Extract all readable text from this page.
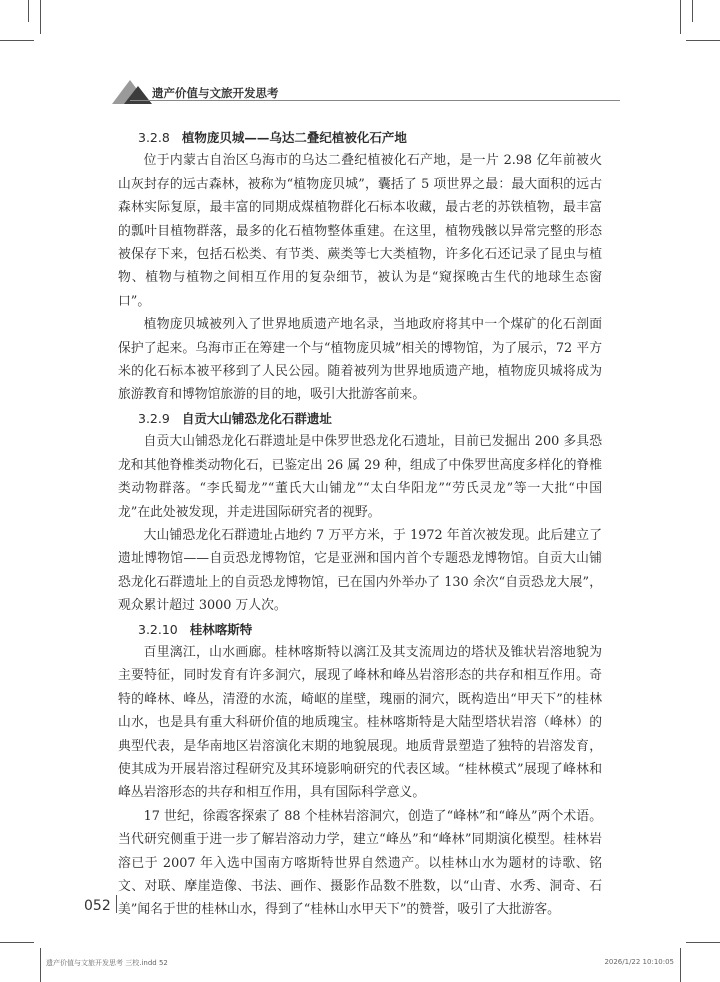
遗产价值与文旅开发思考
3.2.8 植物庞贝城——乌达二叠纪植被化石产地

位于内蒙古自治区乌海市的乌达二叠纪植被化石产地，是一片 2.98 亿年前被火山灰封存的远古森林，被称为“植物庞贝城”，囊括了 5 项世界之最：最大面积的远古森林实际复原，最丰富的同期成煤植物群化石标本收藏，最古老的苏铁植物，最丰富的瓢叶目植物群落，最多的化石植物整体重建。在这里，植物残骸以异常完整的形态被保存下来，包括石松类、有节类、蕨类等七大类植物，许多化石还记录了昆虫与植物、植物与植物之间相互作用的复杂细节，被认为是“窥探晚古生代的地球生态窗口”。

植物庞贝城被列入了世界地质遗产地名录，当地政府将其中一个煤矿的化石剖面保护了起来。乌海市正在筹建一个与“植物庞贝城”相关的博物馆，为了展示，72 平方米的化石标本被平移到了人民公园。随着被列为世界地质遗产地，植物庞贝城将成为旅游教育和博物馆旅游的目的地，吸引大批游客前来。

3.2.9 自贡大山铺恐龙化石群遗址

自贡大山铺恐龙化石群遗址是中侏罗世恐龙化石遗址，目前已发掘出 200 多具恐龙和其他脊椎类动物化石，已鉴定出 26 属 29 种，组成了中侏罗世高度多样化的脊椎类动物群落。“李氏蜀龙”“董氏大山铺龙”“太白华阳龙”“劳氏灵龙”等一大批“中国龙”在此处被发现，并走进国际研究者的视野。

大山铺恐龙化石群遗址占地约 7 万平方米，于 1972 年首次被发现。此后建立了遗址博物馆——自贡恐龙博物馆，它是亚洲和国内首个专题恐龙博物馆。自贡大山铺恐龙化石群遗址上的自贡恐龙博物馆，已在国内外举办了 130 余次“自贡恐龙大展”，观众累计超过 3000 万人次。

3.2.10 桂林喀斯特

百里漓江，山水画廊。桂林喀斯特以漓江及其支流周边的塔状及锥状岩溶地貌为主要特征，同时发育有许多洞穴，展现了峰林和峰丛岩溶形态的共存和相互作用。奇特的峰林、峰丛，清澄的水流，崎岖的崖壁，瑰丽的洞穴，既构造出“甲天下”的桂林山水，也是具有重大科研价值的地质瑰宝。桂林喀斯特是大陆型塔状岩溶（峰林）的典型代表，是华南地区岩溶演化末期的地貌展现。地质背景塑造了独特的岩溶发育，使其成为开展岩溶过程研究及其环境影响研究的代表区域。“桂林模式”展现了峰林和峰丛岩溶形态的共存和相互作用，具有国际科学意义。

17 世纪，徐霞客探索了 88 个桂林岩溶洞穴，创造了“峰林”和“峰丛”两个术语。当代研究侧重于进一步了解岩溶动力学，建立“峰丛”和“峰林”同期演化模型。桂林岩溶已于 2007 年入选中国南方喀斯特世界自然遗产。以桂林山水为题材的诗歌、铭文、对联、摩崖造像、书法、画作、摄影作品数不胜数，以“山青、水秀、洞奇、石美”闻名于世的桂林山水，得到了“桂林山水甲天下”的赞誉，吸引了大批游客。

052
遗产价值与文旅开发思考 三校.indd 52	2026/1/22 10:10:05
